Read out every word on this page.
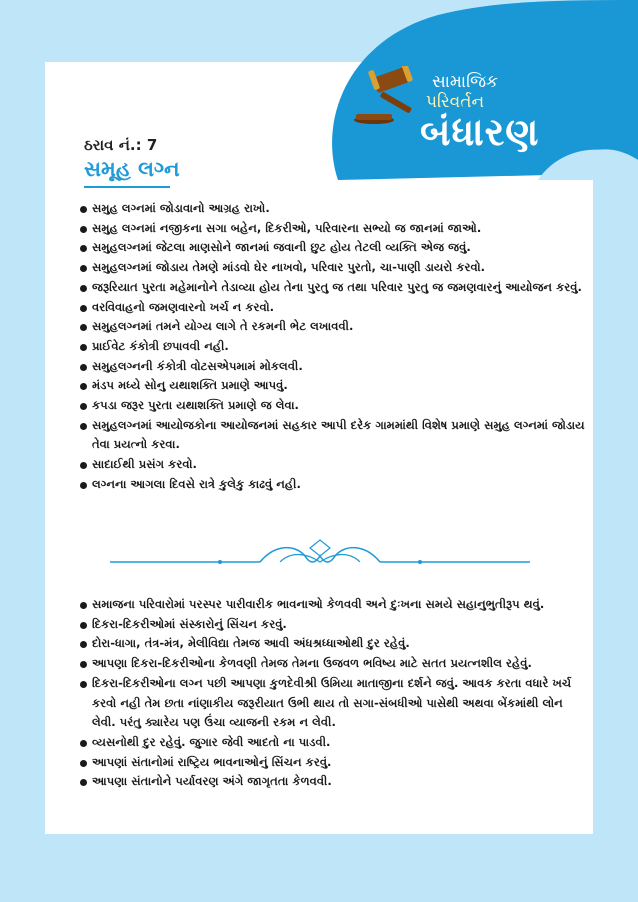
સામાજિક
પરિવર્તન
બંધારણ
ઠરાવ નં.: 7
સમૂહ લગ્ન
સમુહ લગ્નમાં જોડાવાનો આગ્રહ રાખો.
સમુહ લગ્નમાં નજીકના સગા બહેન, દિકરીઓ, પરિવારના સભ્યો જ જાનમાં જાઓ.
સમુહલગ્નમાં જેટલા માણસોને જાનમાં જવાની છુટ હોય તેટલી વ્યક્તિ એજ જવું.
સમુહલગ્નમાં જોડાય તેમણે માંડવો ઘેર નાખવો, પરિવાર પુરતો, ચા-પાણી ડાયરો કરવો.
જરૂરિયાત પુરતા મહેમાનોને તેડાવ્યા હોય તેના પુરતુ જ તથા પરિવાર પુરતુ જ જમણવારનું આયોજન કરવું.
વરવિવાહનો જમણવારનો ખર્ચ ન કરવો.
સમુહલગ્નમાં તમને યોગ્ય લાગે તે રકમની ભેટ લખાવવી.
પ્રાઈવેટ કંકોત્રી છપાવવી નહી.
સમુહલગ્નની કંકોત્રી વોટસએપમામં મોકલવી.
મંડપ મધ્યે સોનુ યથાશક્તિ પ્રમાણે આપવું.
કપડા જરૂર પુરતા યથાશક્તિ પ્રમાણે જ લેવા.
સમુહલગ્નમાં આયોજકોના આયોજનમાં સહકાર આપી દરેક ગામમાંથી વિશેષ પ્રમાણે સમુહ લગ્નમાં જોડાય તેવા પ્રયત્નો કરવા.
સાદાઈથી પ્રસંગ કરવો.
લગ્નના આગલા દિવસે રાત્રે કુલેકુ કાઢવું નહી.
સમાજના પરિવારોમાં પરસ્પર પારીવારીક ભાવનાઓ કેળવવી અને દુઃખના સમયે સહાનુભુતીરૂપ થવું.
દિકરા-દિકરીઓમાં સંસ્કારોનું સિંચન કરવું.
દોરા-ધાગા, તંત્ર-મંત્ર, મેલીવિદ્યા તેમજ આવી અંધશ્રધ્ધાઓથી દુર રહેવું.
આપણા દિકરા-દિકરીઓના કેળવણી તેમજ તેમના ઉજવળ ભવિષ્ય માટે સતત પ્રયત્નશીલ રહેવું.
દિકરા-દિકરીઓના લગ્ન પછી આપણા કુળદેવીશ્રી ઉમિયા માતાજીના દર્શને જવું. આવક કરતા વધારે ખર્ચ કરવો નહી તેમ છતા નાંણાકીય જરૂરીયાત ઉભી થાય તો સગા-સંબધીઓ પાસેથી અથવા બેંકમાંથી લોન લેવી. પરંતુ ક્યારેય પણ ઉંચા વ્યાજની રકમ ન લેવી.
વ્યસનોથી દુર રહેવું. જુગાર જેવી આદતો ના પાડવી.
આપણાં સંતાનોમાં રાષ્ટ્રિય ભાવનાઓનું સિંચન કરવું.
આપણા સંતાનોને પર્યાવરણ અંગે જાગૃતતા કેળવવી.
